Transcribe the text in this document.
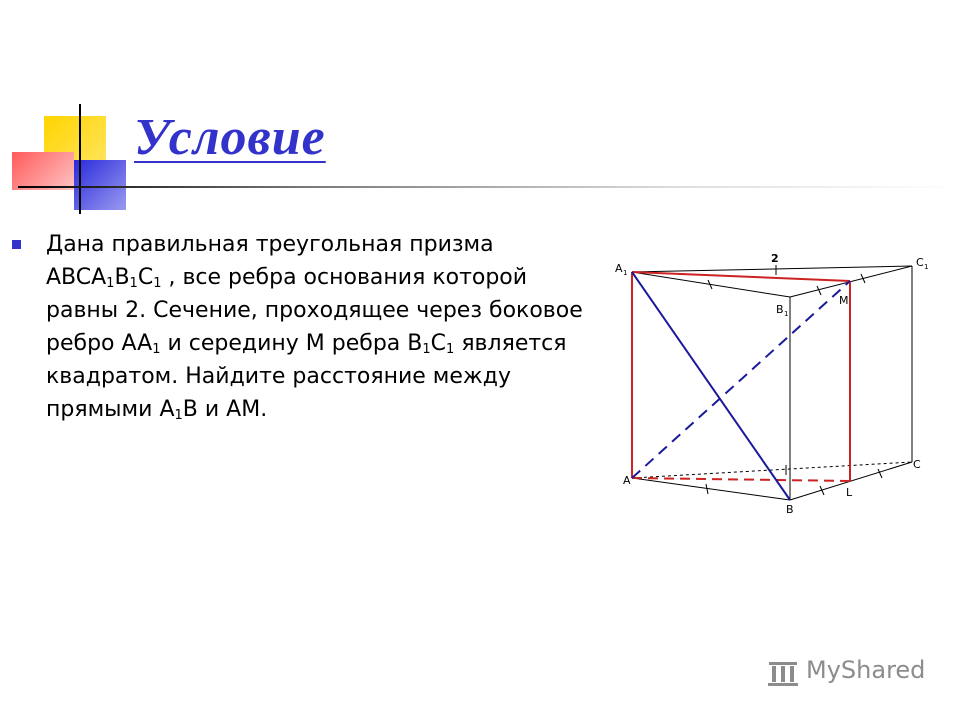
Условие
Дана правильная треугольная призма $ABCA_1B_1C_1$ , все ребра основания которой равны 2. Сечение, проходящее через боковое ребро $AA_1$ и середину M ребра $B_1C_1$ является квадратом. Найдите расстояние между прямыми $A_1B$ и AM.
2
A 1
C 1
B 1
M
A
B
C
L
MyShared
